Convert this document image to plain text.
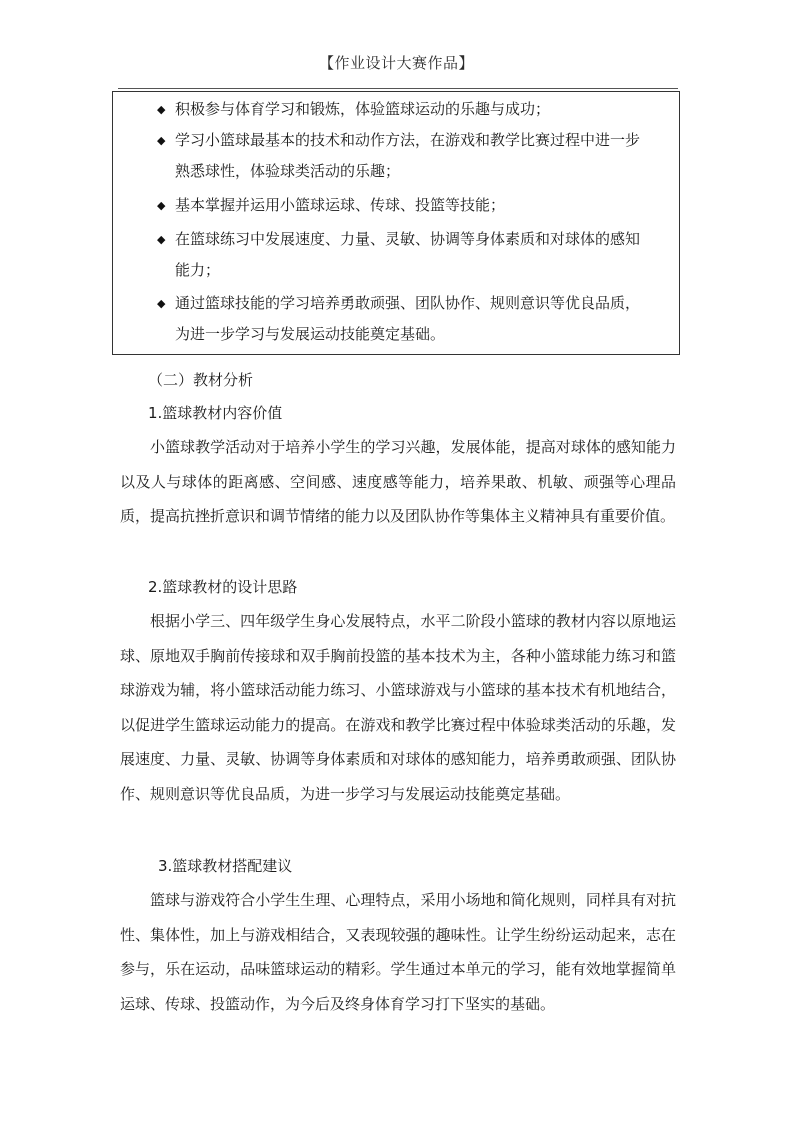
【作业设计大赛作品】
◆ 积极参与体育学习和锻炼，体验篮球运动的乐趣与成功；
◆ 学习小篮球最基本的技术和动作方法，在游戏和教学比赛过程中进一步
熟悉球性，体验球类活动的乐趣；
◆ 基本掌握并运用小篮球运球、传球、投篮等技能；
◆ 在篮球练习中发展速度、力量、灵敏、协调等身体素质和对球体的感知
能力；
◆ 通过篮球技能的学习培养勇敢顽强、团队协作、规则意识等优良品质，
为进一步学习与发展运动技能奠定基础。
（二）教材分析
1.篮球教材内容价值

小篮球教学活动对于培养小学生的学习兴趣，发展体能，提高对球体的感知能力以及人与球体的距离感、空间感、速度感等能力，培养果敢、机敏、顽强等心理品质，提高抗挫折意识和调节情绪的能力以及团队协作等集体主义精神具有重要价值。

2.篮球教材的设计思路

根据小学三、四年级学生身心发展特点，水平二阶段小篮球的教材内容以原地运球、原地双手胸前传接球和双手胸前投篮的基本技术为主，各种小篮球能力练习和篮球游戏为辅，将小篮球活动能力练习、小篮球游戏与小篮球的基本技术有机地结合，以促进学生篮球运动能力的提高。在游戏和教学比赛过程中体验球类活动的乐趣，发展速度、力量、灵敏、协调等身体素质和对球体的感知能力，培养勇敢顽强、团队协作、规则意识等优良品质，为进一步学习与发展运动技能奠定基础。

3.篮球教材搭配建议

篮球与游戏符合小学生生理、心理特点，采用小场地和简化规则，同样具有对抗性、集体性，加上与游戏相结合，又表现较强的趣味性。让学生纷纷运动起来，志在参与，乐在运动，品味篮球运动的精彩。学生通过本单元的学习，能有效地掌握简单运球、传球、投篮动作，为今后及终身体育学习打下坚实的基础。
